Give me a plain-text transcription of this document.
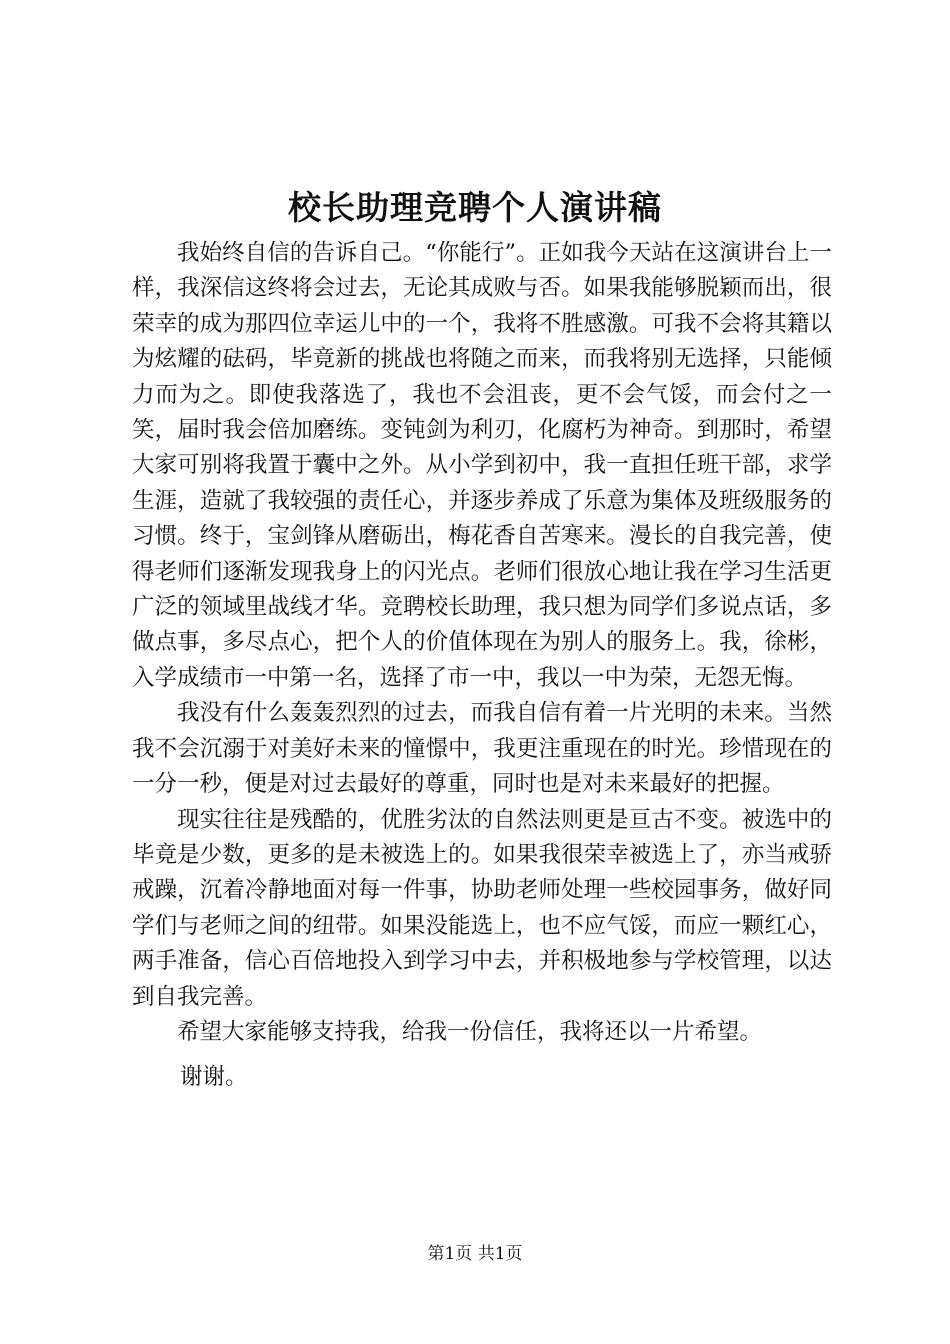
校长助理竞聘个人演讲稿

我始终自信的告诉自己。“你能行”。正如我今天站在这演讲台上一样，我深信这终将会过去，无论其成败与否。如果我能够脱颖而出，很荣幸的成为那四位幸运儿中的一个，我将不胜感激。可我不会将其籍以为炫耀的砝码，毕竟新的挑战也将随之而来，而我将别无选择，只能倾力而为之。即使我落选了，我也不会沮丧，更不会气馁，而会付之一笑，届时我会倍加磨练。变钝剑为利刃，化腐朽为神奇。到那时，希望大家可别将我置于囊中之外。从小学到初中，我一直担任班干部，求学生涯，造就了我较强的责任心，并逐步养成了乐意为集体及班级服务的习惯。终于，宝剑锋从磨砺出，梅花香自苦寒来。漫长的自我完善，使得老师们逐渐发现我身上的闪光点。老师们很放心地让我在学习生活更广泛的领域里战线才华。竞聘校长助理，我只想为同学们多说点话，多做点事，多尽点心，把个人的价值体现在为别人的服务上。我，徐彬，入学成绩市一中第一名，选择了市一中，我以一中为荣，无怨无悔。

我没有什么轰轰烈烈的过去，而我自信有着一片光明的未来。当然我不会沉溺于对美好未来的憧憬中，我更注重现在的时光。珍惜现在的一分一秒，便是对过去最好的尊重，同时也是对未来最好的把握。

现实往往是残酷的，优胜劣汰的自然法则更是亘古不变。被选中的毕竟是少数，更多的是未被选上的。如果我很荣幸被选上了，亦当戒骄戒躁，沉着冷静地面对每一件事，协助老师处理一些校园事务，做好同学们与老师之间的纽带。如果没能选上，也不应气馁，而应一颗红心，两手准备，信心百倍地投入到学习中去，并积极地参与学校管理，以达到自我完善。

希望大家能够支持我，给我一份信任，我将还以一片希望。

谢谢。
第1页 共1页
